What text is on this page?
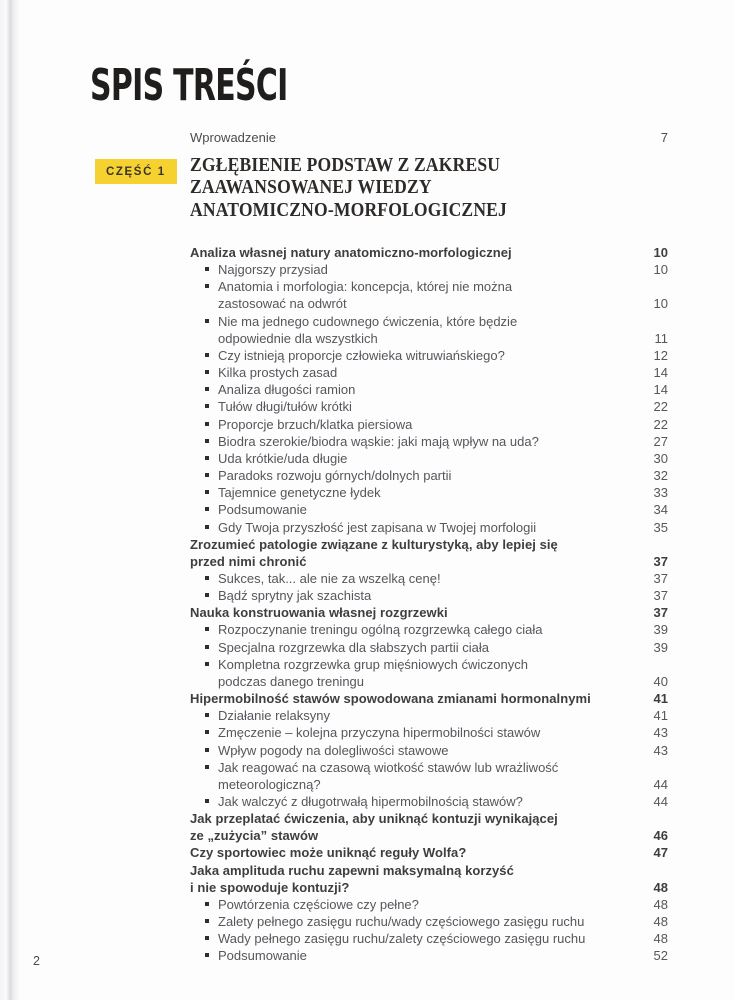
SPIS TREŚCI
Wprowadzenie	7
CZĘŚĆ 1	ZGŁĘBIENIE PODSTAW Z ZAKRESU
ZAAWANSOWANEJ WIEDZY
ANATOMICZNO-MORFOLOGICZNEJ
Analiza własnej natury anatomiczno-morfologicznej	10
Najgorszy przysiad	10
Anatomia i morfologia: koncepcja, której nie można
zastosować na odwrót	10
Nie ma jednego cudownego ćwiczenia, które będzie
odpowiednie dla wszystkich	11
Czy istnieją proporcje człowieka witruwiańskiego?	12
Kilka prostych zasad	14
Analiza długości ramion	14
Tułów długi/tułów krótki	22
Proporcje brzuch/klatka piersiowa	22
Biodra szerokie/biodra wąskie: jaki mają wpływ na uda?	27
Uda krótkie/uda długie	30
Paradoks rozwoju górnych/dolnych partii	32
Tajemnice genetyczne łydek	33
Podsumowanie	34
Gdy Twoja przyszłość jest zapisana w Twojej morfologii	35
Zrozumieć patologie związane z kulturystyką, aby lepiej się
przed nimi chronić	37
Sukces, tak... ale nie za wszelką cenę!	37
Bądź sprytny jak szachista	37
Nauka konstruowania własnej rozgrzewki	37
Rozpoczynanie treningu ogólną rozgrzewką całego ciała	39
Specjalna rozgrzewka dla słabszych partii ciała	39
Kompletna rozgrzewka grup mięśniowych ćwiczonych
podczas danego treningu	40
Hipermobilność stawów spowodowana zmianami hormonalnymi	41
Działanie relaksyny	41
Zmęczenie – kolejna przyczyna hipermobilności stawów	43
Wpływ pogody na dolegliwości stawowe	43
Jak reagować na czasową wiotkość stawów lub wrażliwość
meteorologiczną?	44
Jak walczyć z długotrwałą hipermobilnością stawów?	44
Jak przeplatać ćwiczenia, aby uniknąć kontuzji wynikającej
ze „zużycia” stawów	46
Czy sportowiec może uniknąć reguły Wolfa?	47
Jaka amplituda ruchu zapewni maksymalną korzyść
i nie spowoduje kontuzji?	48
Powtórzenia częściowe czy pełne?	48
Zalety pełnego zasięgu ruchu/wady częściowego zasięgu ruchu	48
Wady pełnego zasięgu ruchu/zalety częściowego zasięgu ruchu	48
Podsumowanie	52
2
